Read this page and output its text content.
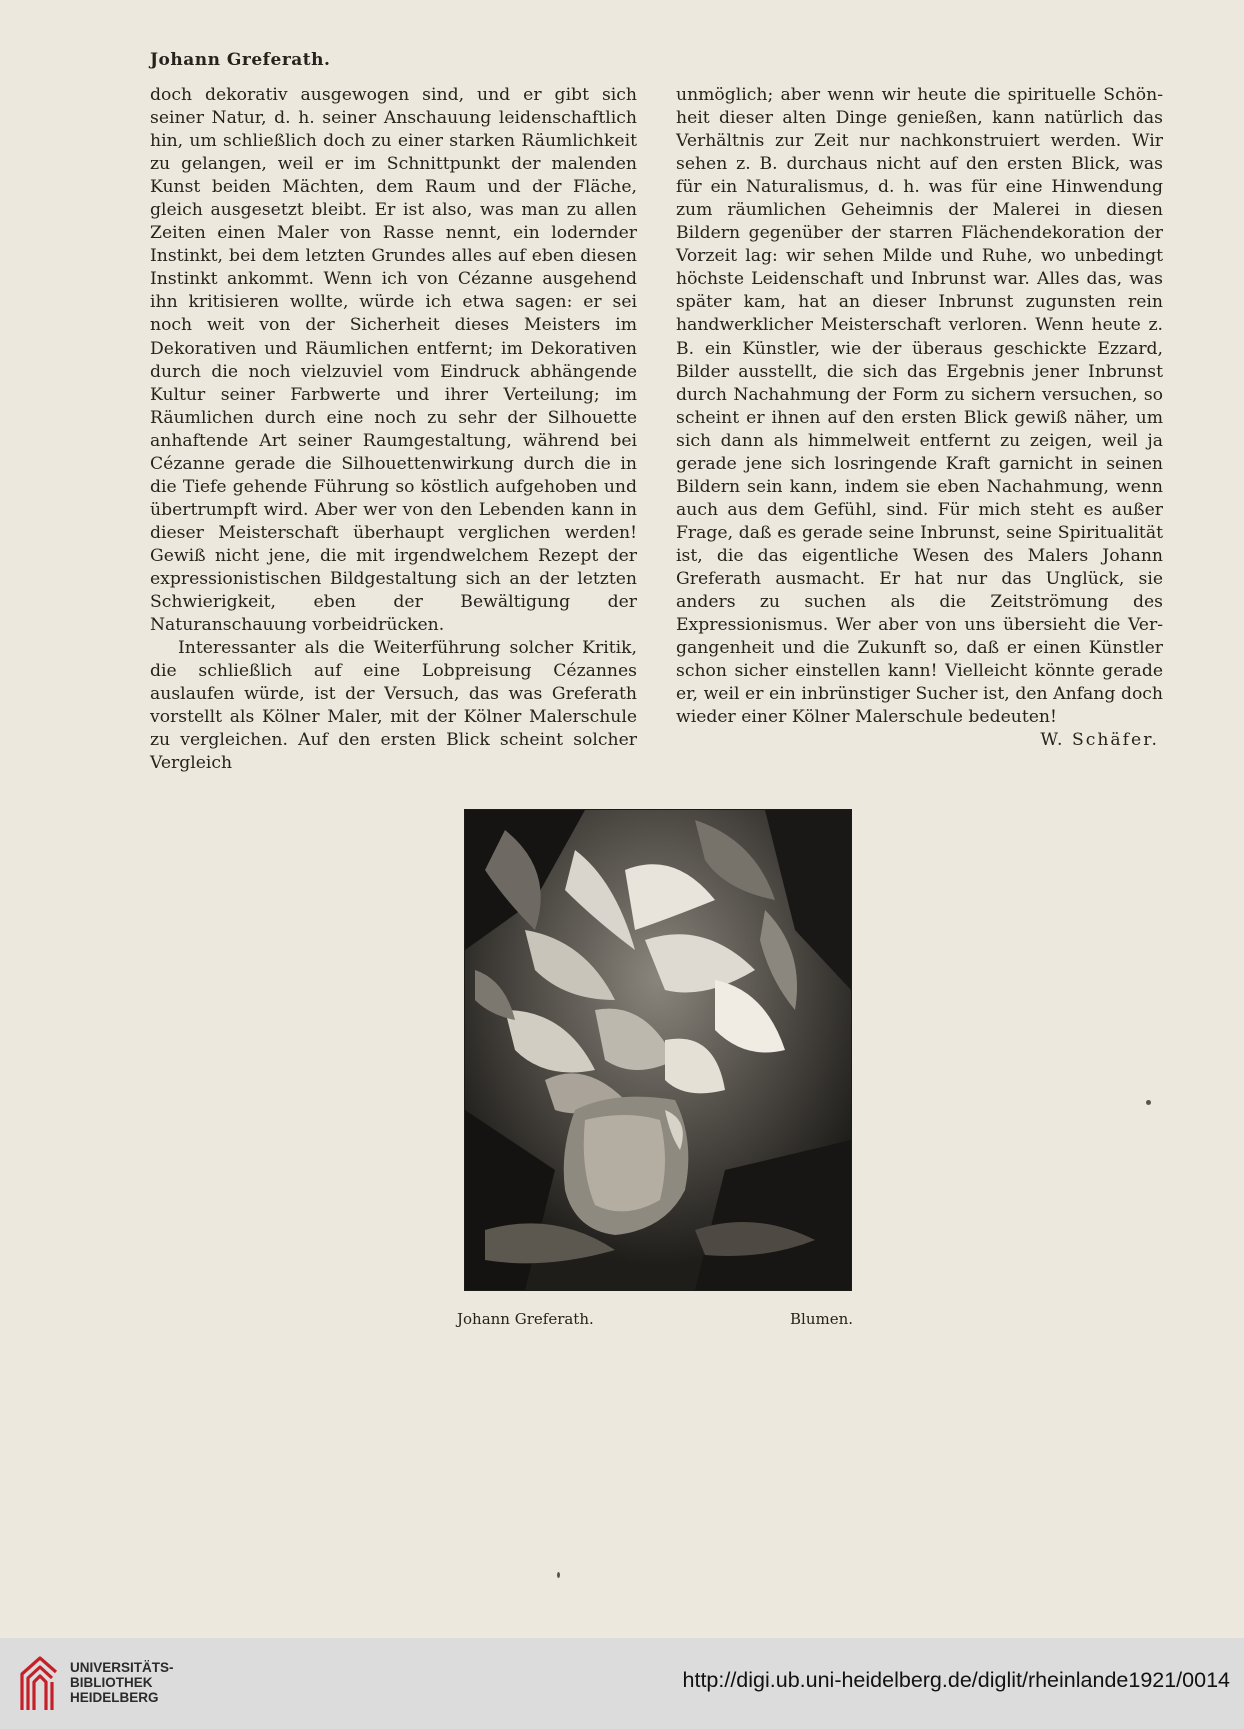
Johann Greferath.

doch dekorativ ausgewogen sind, und er gibt sich seiner Natur, d. h. seiner Anschauung leidenschaftlich hin, um schließlich doch zu einer starken Räumlichkeit zu gelangen, weil er im Schnittpunkt der malenden Kunst beiden Mächten, dem Raum und der Fläche, gleich ausgesetzt bleibt. Er ist also, was man zu allen Zeiten einen Maler von Rasse nennt, ein lodernder Instinkt, bei dem letzten Grundes alles auf eben diesen Instinkt ankommt. Wenn ich von Cézanne ausgehend ihn kritisieren wollte, würde ich etwa sagen: er sei noch weit von der Sicherheit dieses Meisters im Dekorativen und Räumlichen entfernt; im Dekorativen durch die noch vielzuviel vom Eindruck abhängende Kultur seiner Farbwerte und ihrer Verteilung; im Räumlichen durch eine noch zu sehr der Silhouette anhaftende Art seiner Raumgestaltung, während bei Cézanne gerade die Silhouettenwirkung durch die in die Tiefe gehende Führung so köstlich aufgehoben und übertrumpft wird. Aber wer von den Lebenden kann in dieser Meisterschaft überhaupt verglichen werden! Gewiß nicht jene, die mit irgendwelchem Rezept der expressionistischen Bildgestaltung sich an der letzten Schwierigkeit, eben der Bewältigung der Naturanschauung vorbeidrücken.

Interessanter als die Weiterführung solcher Kritik, die schließlich auf eine Lobpreisung Cézannes auslaufen würde, ist der Versuch, das was Greferath vorstellt als Kölner Maler, mit der Kölner Malerschule zu vergleichen. Auf den ersten Blick scheint solcher Vergleich

unmöglich; aber wenn wir heute die spirituelle Schönheit dieser alten Dinge genießen, kann natürlich das Verhältnis zur Zeit nur nachkonstruiert werden. Wir sehen z. B. durchaus nicht auf den ersten Blick, was für ein Naturalismus, d. h. was für eine Hinwendung zum räumlichen Geheimnis der Malerei in diesen Bildern gegenüber der starren Flächendekoration der Vorzeit lag: wir sehen Milde und Ruhe, wo unbedingt höchste Leidenschaft und Inbrunst war. Alles das, was später kam, hat an dieser Inbrunst zugunsten rein handwerklicher Meisterschaft verloren. Wenn heute z. B. ein Künstler, wie der überaus geschickte Ezzard, Bilder ausstellt, die sich das Ergebnis jener Inbrunst durch Nachahmung der Form zu sichern versuchen, so scheint er ihnen auf den ersten Blick gewiß näher, um sich dann als himmelweit entfernt zu zeigen, weil ja gerade jene sich losringende Kraft garnicht in seinen Bildern sein kann, indem sie eben Nachahmung, wenn auch aus dem Gefühl, sind. Für mich steht es außer Frage, daß es gerade seine Inbrunst, seine Spiritualität ist, die das eigentliche Wesen des Malers Johann Greferath ausmacht. Er hat nur das Unglück, sie anders zu suchen als die Zeitströmung des Expressionismus. Wer aber von uns übersieht die Vergangenheit und die Zukunft so, daß er einen Künstler schon sicher einstellen kann! Vielleicht könnte gerade er, weil er ein inbrünstiger Sucher ist, den Anfang doch wieder einer Kölner Malerschule bedeuten!

W. Schäfer.

Johann Greferath.	Blumen.
UNIVERSITÄTS-
BIBLIOTHEK
HEIDELBERG
http://digi.ub.uni-heidelberg.de/diglit/rheinlande1921/0014
